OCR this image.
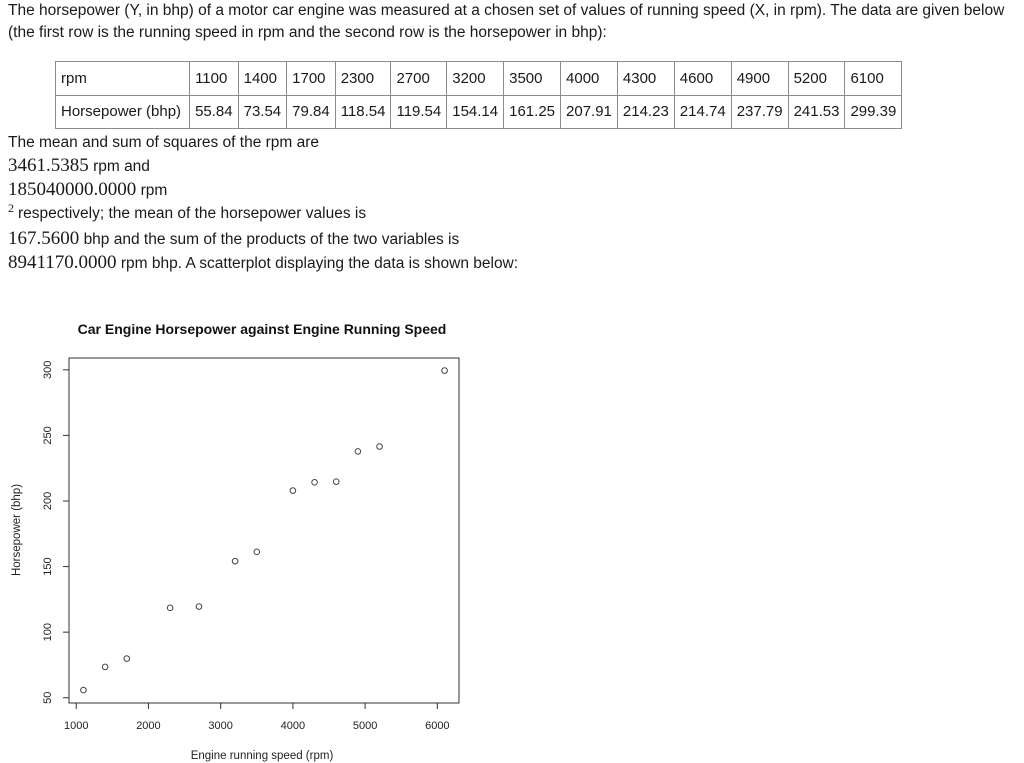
The horsepower (Y, in bhp) of a motor car engine was measured at a chosen set of values of running speed (X, in rpm). The data are given below (the first row is the running speed in rpm and the second row is the horsepower in bhp):
rpm	1100	1400	1700	2300	2700	3200	3500	4000	4300	4600	4900	5200	6100
Horsepower (bhp)	55.84	73.54	79.84	118.54	119.54	154.14	161.25	207.91	214.23	214.74	237.79	241.53	299.39
The mean and sum of squares of the rpm are
3461.5385 rpm and
185040000.0000 rpm
$^2$ respectively; the mean of the horsepower values is
167.5600 bhp and the sum of the products of the two variables is
8941170.0000 rpm bhp. A scatterplot displaying the data is shown below:
Car Engine Horsepower against Engine Running Speed
Engine running speed (rpm)
Horsepower (bhp)
1000	2000	3000	4000	5000	6000
50
100
150
200
250
300
